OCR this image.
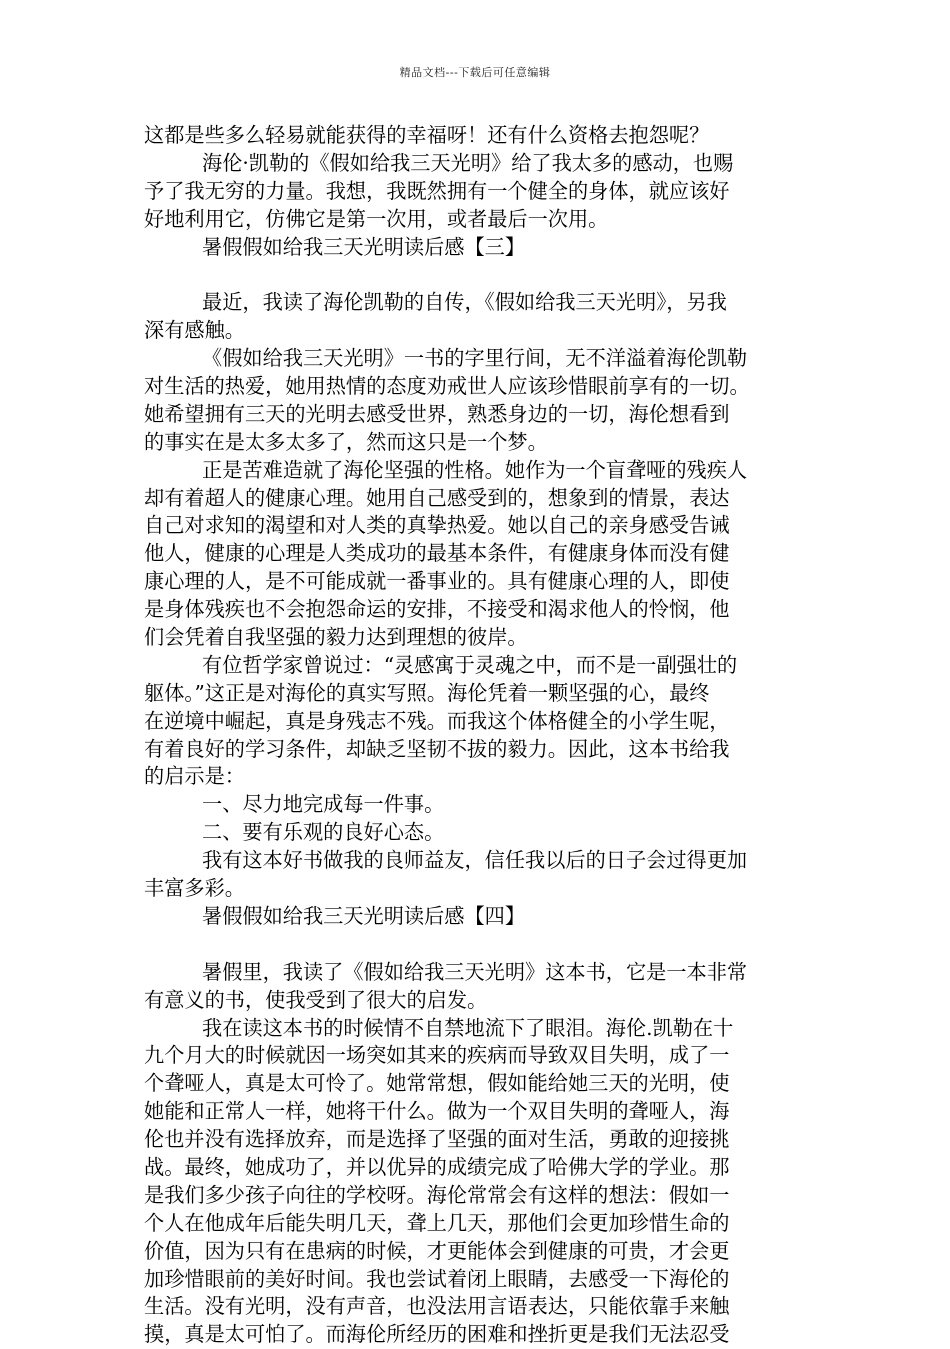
精品文档---下载后可任意编辑
这都是些多么轻易就能获得的幸福呀！还有什么资格去抱怨呢？
海伦·凯勒的《假如给我三天光明》给了我太多的感动，也赐
予了我无穷的力量。我想，我既然拥有一个健全的身体，就应该好
好地利用它，仿佛它是第一次用，或者最后一次用。
暑假假如给我三天光明读后感【三】
最近，我读了海伦凯勒的自传，《假如给我三天光明》，另我
深有感触。
《假如给我三天光明》一书的字里行间，无不洋溢着海伦凯勒
对生活的热爱，她用热情的态度劝戒世人应该珍惜眼前享有的一切。
她希望拥有三天的光明去感受世界，熟悉身边的一切，海伦想看到
的事实在是太多太多了，然而这只是一个梦。
正是苦难造就了海伦坚强的性格。她作为一个盲聋哑的残疾人
却有着超人的健康心理。她用自己感受到的，想象到的情景，表达
自己对求知的渴望和对人类的真挚热爱。她以自己的亲身感受告诫
他人，健康的心理是人类成功的最基本条件，有健康身体而没有健
康心理的人，是不可能成就一番事业的。具有健康心理的人，即使
是身体残疾也不会抱怨命运的安排，不接受和渴求他人的怜悯，他
们会凭着自我坚强的毅力达到理想的彼岸。
有位哲学家曾说过：“灵感寓于灵魂之中，而不是一副强壮的
躯体。”这正是对海伦的真实写照。海伦凭着一颗坚强的心，最终
在逆境中崛起，真是身残志不残。而我这个体格健全的小学生呢，
有着良好的学习条件，却缺乏坚韧不拔的毅力。因此，这本书给我
的启示是：
一、尽力地完成每一件事。
二、要有乐观的良好心态。
我有这本好书做我的良师益友，信任我以后的日子会过得更加
丰富多彩。
暑假假如给我三天光明读后感【四】
暑假里，我读了《假如给我三天光明》这本书，它是一本非常
有意义的书，使我受到了很大的启发。
我在读这本书的时候情不自禁地流下了眼泪。海伦.凯勒在十
九个月大的时候就因一场突如其来的疾病而导致双目失明，成了一
个聋哑人，真是太可怜了。她常常想，假如能给她三天的光明，使
她能和正常人一样，她将干什么。做为一个双目失明的聋哑人，海
伦也并没有选择放弃，而是选择了坚强的面对生活，勇敢的迎接挑
战。最终，她成功了，并以优异的成绩完成了哈佛大学的学业。那
是我们多少孩子向往的学校呀。海伦常常会有这样的想法：假如一
个人在他成年后能失明几天，聋上几天，那他们会更加珍惜生命的
价值，因为只有在患病的时候，才更能体会到健康的可贵，才会更
加珍惜眼前的美好时间。我也尝试着闭上眼睛，去感受一下海伦的
生活。没有光明，没有声音，也没法用言语表达，只能依靠手来触
摸，真是太可怕了。而海伦所经历的困难和挫折更是我们无法忍受
